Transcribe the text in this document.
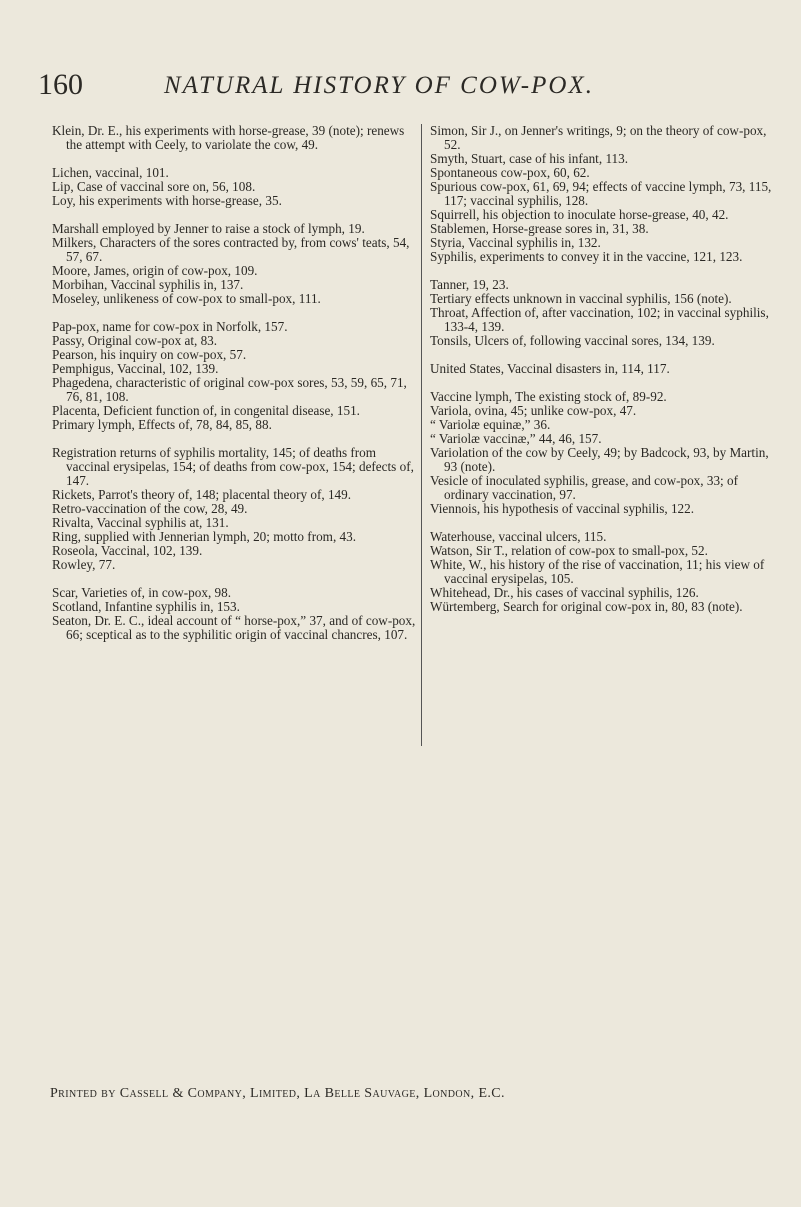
160	NATURAL HISTORY OF COW-POX.

Klein, Dr. E., his experiments with horse-grease, 39 (note); renews the attempt with Ceely, to variolate the cow, 49.

Lichen, vaccinal, 101.

Lip, Case of vaccinal sore on, 56, 108.

Loy, his experiments with horse-grease, 35.

Marshall employed by Jenner to raise a stock of lymph, 19.

Milkers, Characters of the sores contracted by, from cows' teats, 54, 57, 67.

Moore, James, origin of cow-pox, 109.

Morbihan, Vaccinal syphilis in, 137.

Moseley, unlikeness of cow-pox to small-pox, 111.

Pap-pox, name for cow-pox in Norfolk, 157.

Passy, Original cow-pox at, 83.

Pearson, his inquiry on cow-pox, 57.

Pemphigus, Vaccinal, 102, 139.

Phagedena, characteristic of original cow-pox sores, 53, 59, 65, 71, 76, 81, 108.

Placenta, Deficient function of, in congenital disease, 151.

Primary lymph, Effects of, 78, 84, 85, 88.

Registration returns of syphilis mortality, 145; of deaths from vaccinal erysipelas, 154; of deaths from cow-pox, 154; defects of, 147.

Rickets, Parrot's theory of, 148; placental theory of, 149.

Retro-vaccination of the cow, 28, 49.

Rivalta, Vaccinal syphilis at, 131.

Ring, supplied with Jennerian lymph, 20; motto from, 43.

Roseola, Vaccinal, 102, 139.

Rowley, 77.

Scar, Varieties of, in cow-pox, 98.

Scotland, Infantine syphilis in, 153.

Seaton, Dr. E. C., ideal account of “ horse-pox,” 37, and of cow-pox, 66; sceptical as to the syphilitic origin of vaccinal chancres, 107.

Simon, Sir J., on Jenner's writings, 9; on the theory of cow-pox, 52.

Smyth, Stuart, case of his infant, 113.

Spontaneous cow-pox, 60, 62.

Spurious cow-pox, 61, 69, 94; effects of vaccine lymph, 73, 115, 117; vaccinal syphilis, 128.

Squirrell, his objection to inoculate horse-grease, 40, 42.

Stablemen, Horse-grease sores in, 31, 38.

Styria, Vaccinal syphilis in, 132.

Syphilis, experiments to convey it in the vaccine, 121, 123.

Tanner, 19, 23.

Tertiary effects unknown in vaccinal syphilis, 156 (note).

Throat, Affection of, after vaccination, 102; in vaccinal syphilis, 133-4, 139.

Tonsils, Ulcers of, following vaccinal sores, 134, 139.

United States, Vaccinal disasters in, 114, 117.

Vaccine lymph, The existing stock of, 89-92.

Variola, ovina, 45; unlike cow-pox, 47.

“ Variolæ equinæ,” 36.

“ Variolæ vaccinæ,” 44, 46, 157.

Variolation of the cow by Ceely, 49; by Badcock, 93, by Martin, 93 (note).

Vesicle of inoculated syphilis, grease, and cow-pox, 33; of ordinary vaccination, 97.

Viennois, his hypothesis of vaccinal syphilis, 122.

Waterhouse, vaccinal ulcers, 115.

Watson, Sir T., relation of cow-pox to small-pox, 52.

White, W., his history of the rise of vaccination, 11; his view of vaccinal erysipelas, 105.

Whitehead, Dr., his cases of vaccinal syphilis, 126.

Würtemberg, Search for original cow-pox in, 80, 83 (note).

Printed by Cassell & Company, Limited, La Belle Sauvage, London, E.C.
